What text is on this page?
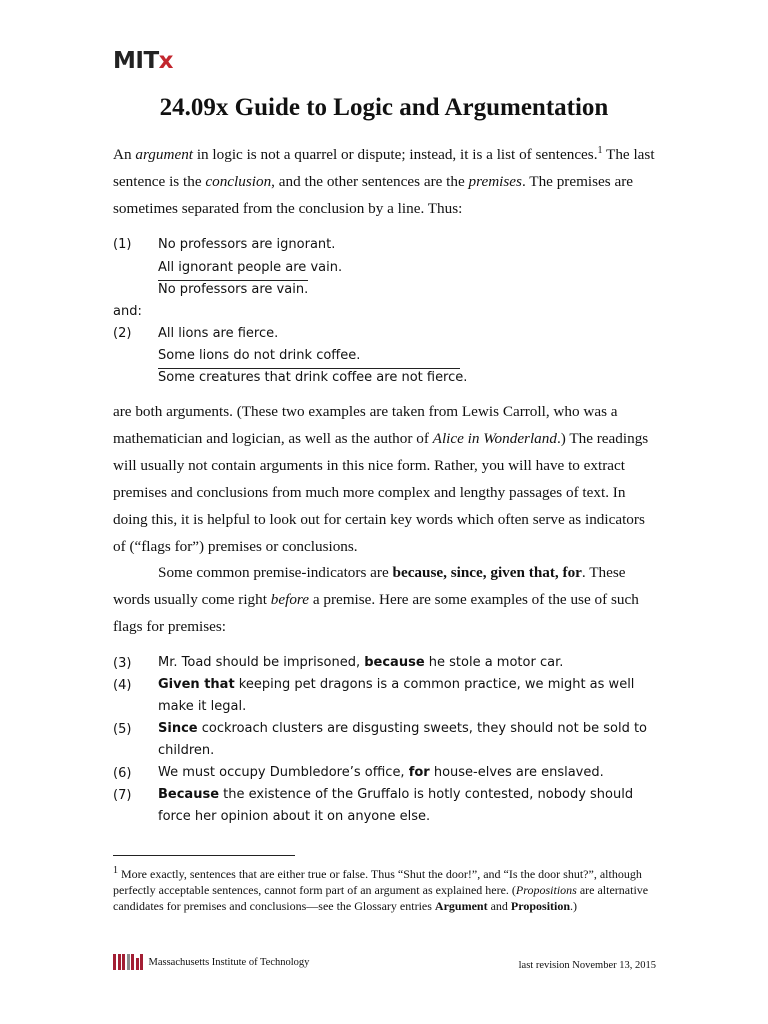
MITx
24.09x Guide to Logic and Argumentation

An argument in logic is not a quarrel or dispute; instead, it is a list of sentences.$^1$ The last sentence is the conclusion, and the other sentences are the premises. The premises are sometimes separated from the conclusion by a line. Thus:

(1) No professors are ignorant.
All ignorant people are vain.
No professors are vain.
and:
(2) All lions are fierce.
Some lions do not drink coffee.
Some creatures that drink coffee are not fierce.

are both arguments. (These two examples are taken from Lewis Carroll, who was a mathematician and logician, as well as the author of Alice in Wonderland.) The readings will usually not contain arguments in this nice form. Rather, you will have to extract premises and conclusions from much more complex and lengthy passages of text. In doing this, it is helpful to look out for certain key words which often serve as indicators of (“flags for”) premises or conclusions.

Some common premise-indicators are because, since, given that, for. These words usually come right before a premise. Here are some examples of the use of such flags for premises:

(3) Mr. Toad should be imprisoned, because he stole a motor car.
(4) Given that keeping pet dragons is a common practice, we might as well make it legal.
(5) Since cockroach clusters are disgusting sweets, they should not be sold to children.
(6) We must occupy Dumbledore’s office, for house-elves are enslaved.
(7) Because the existence of the Gruffalo is hotly contested, nobody should force her opinion about it on anyone else.

$^1$ More exactly, sentences that are either true or false. Thus “Shut the door!”, and “Is the door shut?”, although perfectly acceptable sentences, cannot form part of an argument as explained here. (Propositions are alternative candidates for premises and conclusions—see the Glossary entries Argument and Proposition.)

Massachusetts Institute of Technology	last revision November 13, 2015
